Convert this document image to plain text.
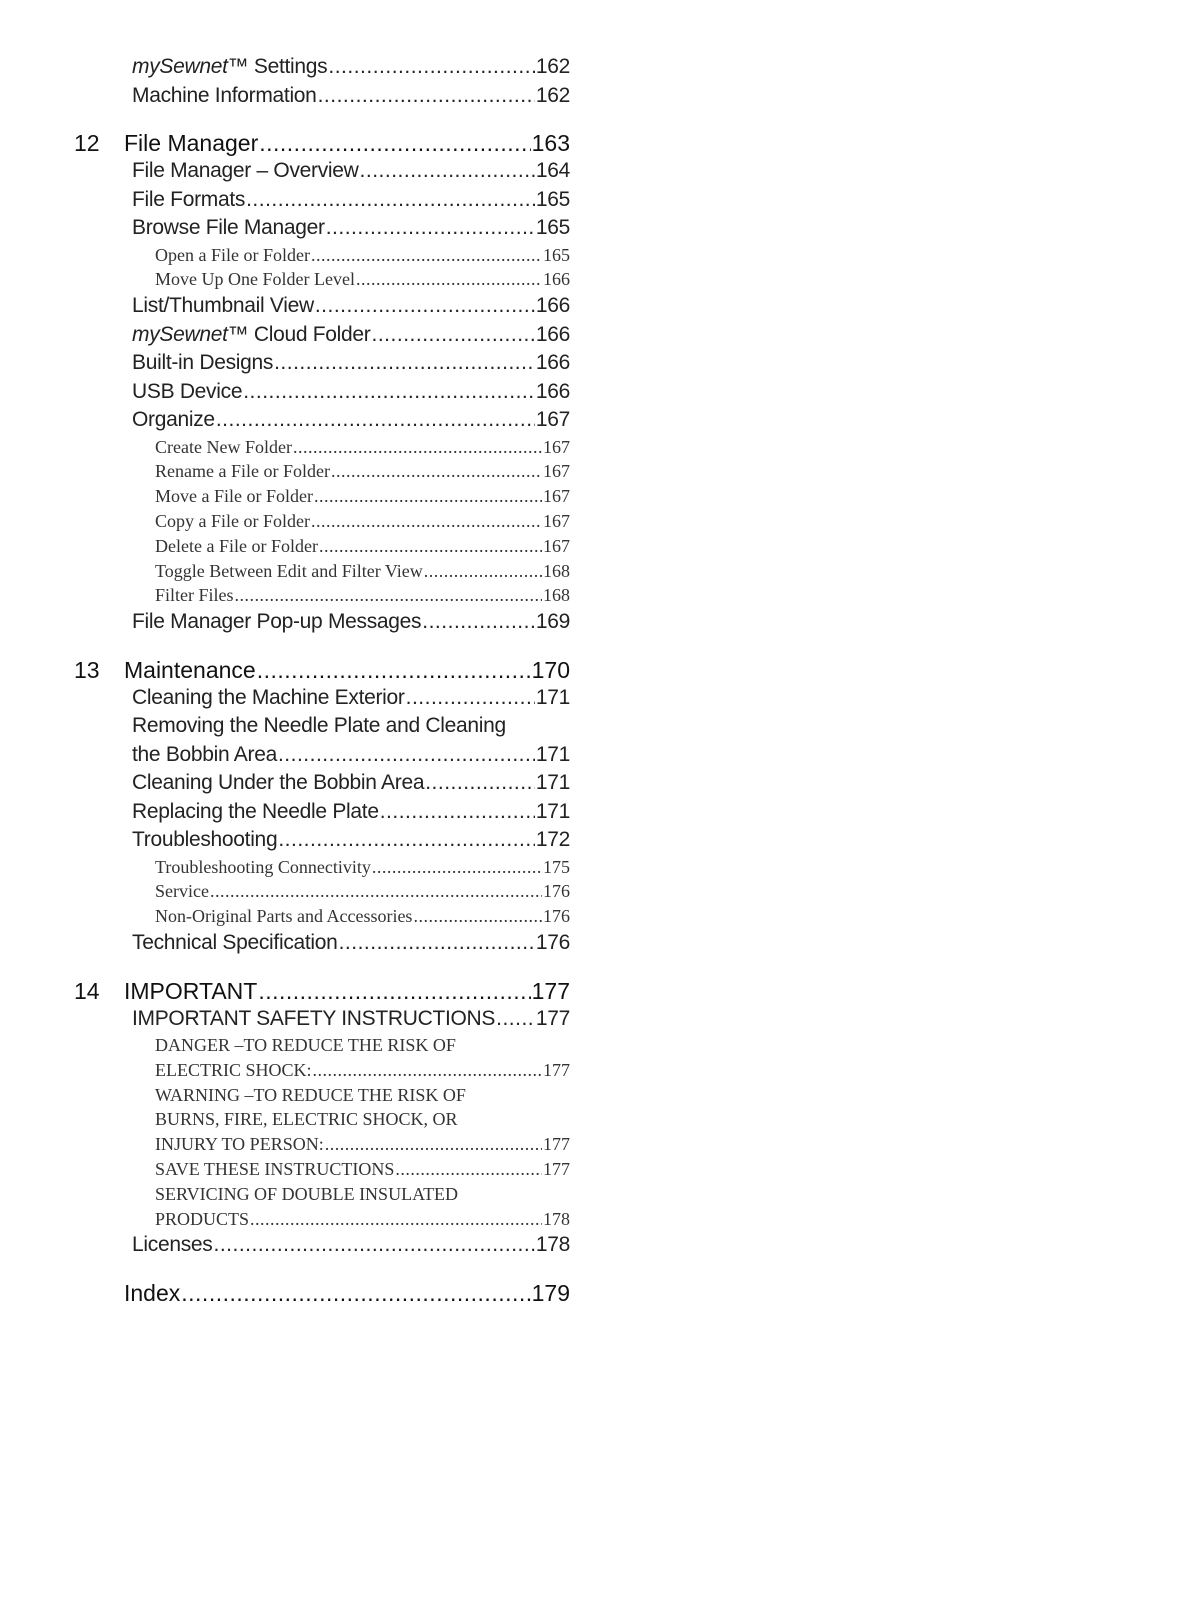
mySewnet™ Settings .....	162
Machine Information .....	162
12 File Manager .....	163
File Manager – Overview .....	164
File Formats .....	165
Browse File Manager .....	165
Open a File or Folder .....	165
Move Up One Folder Level .....	166
List/Thumbnail View .....	166
mySewnet™ Cloud Folder .....	166
Built-in Designs .....	166
USB Device .....	166
Organize .....	167
Create New Folder .....	167
Rename a File or Folder .....	167
Move a File or Folder .....	167
Copy a File or Folder .....	167
Delete a File or Folder .....	167
Toggle Between Edit and Filter View .....	168
Filter Files .....	168
File Manager Pop-up Messages .....	169
13 Maintenance .....	170
Cleaning the Machine Exterior .....	171
Removing the Needle Plate and Cleaning
the Bobbin Area .....	171
Cleaning Under the Bobbin Area .....	171
Replacing the Needle Plate .....	171
Troubleshooting .....	172
Troubleshooting Connectivity .....	175
Service .....	176
Non-Original Parts and Accessories .....	176
Technical Specification .....	176
14 IMPORTANT .....	177
IMPORTANT SAFETY INSTRUCTIONS ..... 177
DANGER –TO REDUCE THE RISK OF
ELECTRIC SHOCK: .....	177
WARNING –TO REDUCE THE RISK OF
BURNS, FIRE, ELECTRIC SHOCK, OR
INJURY TO PERSON: .....	177
SAVE THESE INSTRUCTIONS .....	177
SERVICING OF DOUBLE INSULATED
PRODUCTS .....	178
Licenses .....	178
Index .....	179
